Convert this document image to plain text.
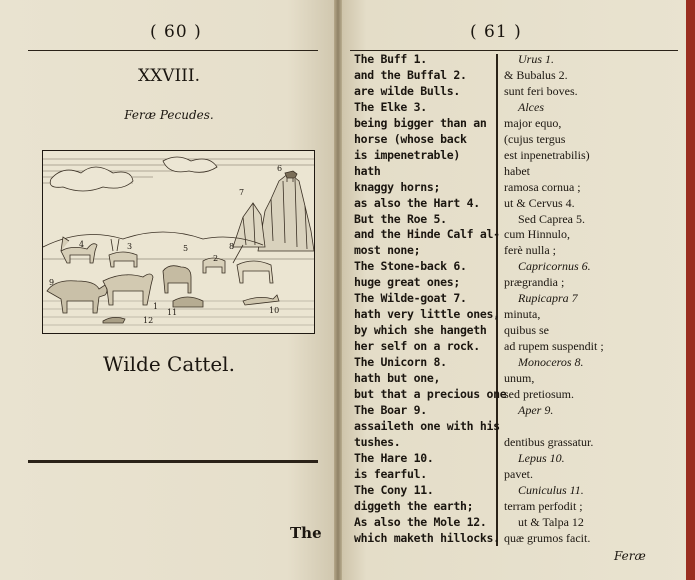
( 60 )
XXVIII.
Feræ Pecudes.
1
2
3
4	5
6
7
8
9
10
11
12
Wilde Cattel.
The
( 61 )
Feræ
The Buff 1.
and the Buffal 2.
are wilde Bulls.
The Elke 3.
being bigger than an
horse (whose back
is impenetrable)
hath
knaggy horns;
as also the Hart 4.
But the Roe 5.
and the Hinde Calf al-
most none;
The Stone-back 6.
huge great ones;
The Wilde-goat 7.
hath very little ones,
by which she hangeth
her self on a rock.
The Unicorn 8.
hath but one,
but that a precious one
The Boar 9.
assaileth one with his
tushes.
The Hare 10.
is fearful.
The Cony 11.
diggeth the earth;
As also the Mole 12.
which maketh hillocks.
Urus 1.
& Bubalus 2.
sunt feri boves.
Alces
major equo,
(cujus tergus
est inpenetrabilis)
habet
ramosa cornua ;
ut & Cervus 4.
Sed Caprea 5.
cum Hinnulo,
ferè nulla ;
Capricornus 6.
prægrandia ;
Rupicapra 7
minuta,
quibus se
ad rupem suspendit ;
Monoceros 8.
unum,
sed pretiosum.
Aper 9.
dentibus grassatur.
Lepus 10.
pavet.
Cuniculus 11.
terram perfodit ;
ut & Talpa 12
quæ grumos facit.
